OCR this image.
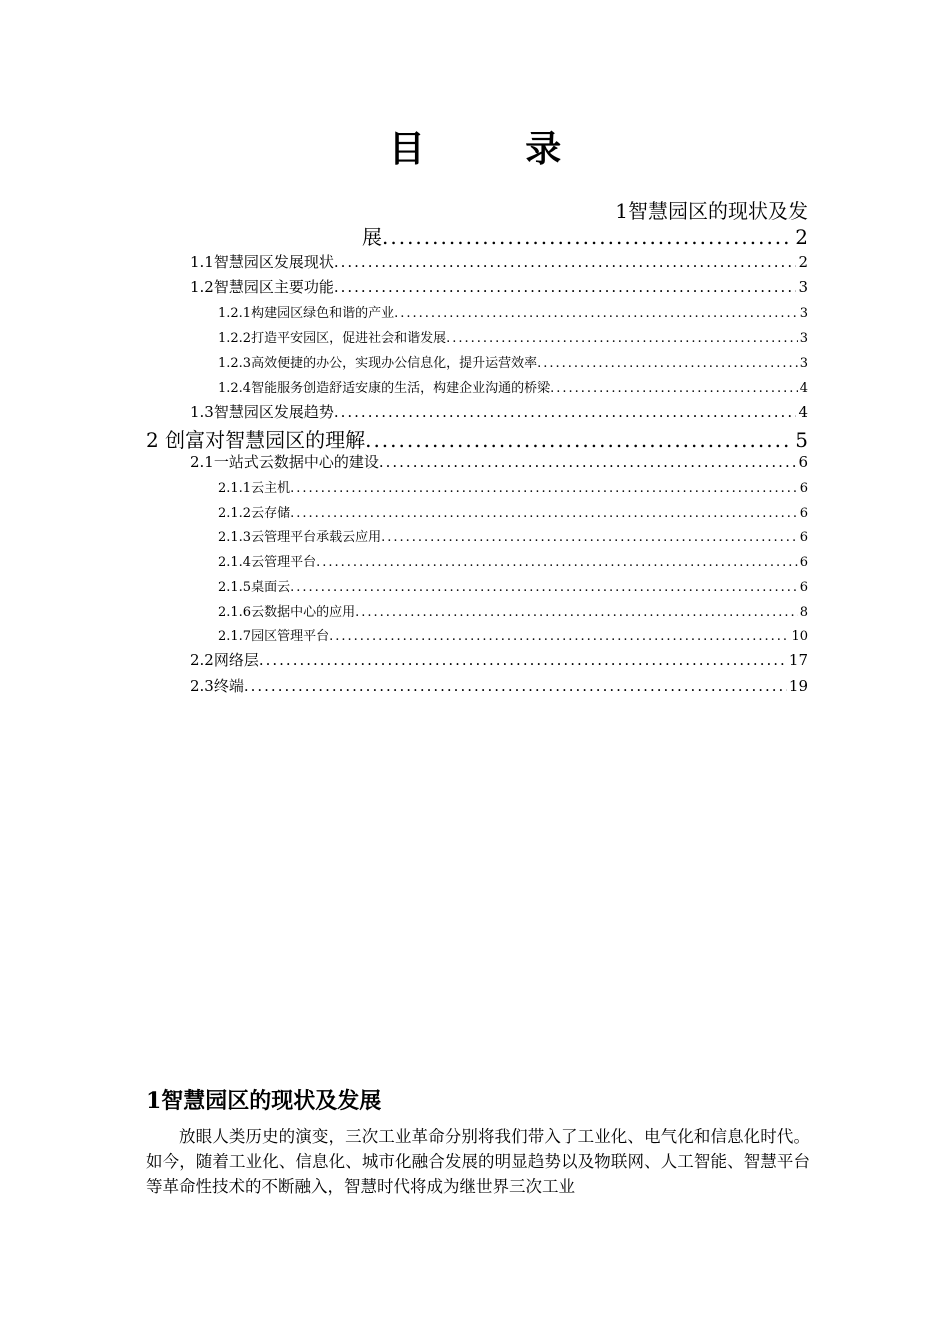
目 录
1智慧园区的现状及发
展 .....	2
1.1智慧园区发展现状 .....	2
1.2智慧园区主要功能 .....	3
1.2.1构建园区绿色和谐的产业 .....	3
1.2.2打造平安园区，促进社会和谐发展 .....	3
1.2.3高效便捷的办公，实现办公信息化，提升运营效率 .....	3
1.2.4智能服务创造舒适安康的生活，构建企业沟通的桥梁 .....	4
1.3智慧园区发展趋势 .....	4
2 创富对智慧园区的理解 .....	5
2.1一站式云数据中心的建设 .....	6
2.1.1云主机 .....	6
2.1.2云存储 .....	6
2.1.3云管理平台承载云应用 .....	6
2.1.4云管理平台 .....	6
2.1.5桌面云 .....	6
2.1.6云数据中心的应用 .....	8
2.1.7园区管理平台 .....	10
2.2网络层 .....	17
2.3终端 .....	19
1智慧园区的现状及发展
放眼人类历史的演变，三次工业革命分别将我们带入了工业化、电气化和信息化时代。如今，随着工业化、信息化、城市化融合发展的明显趋势以及物联网、人工智能、智慧平台等革命性技术的不断融入，智慧时代将成为继世界三次工业
